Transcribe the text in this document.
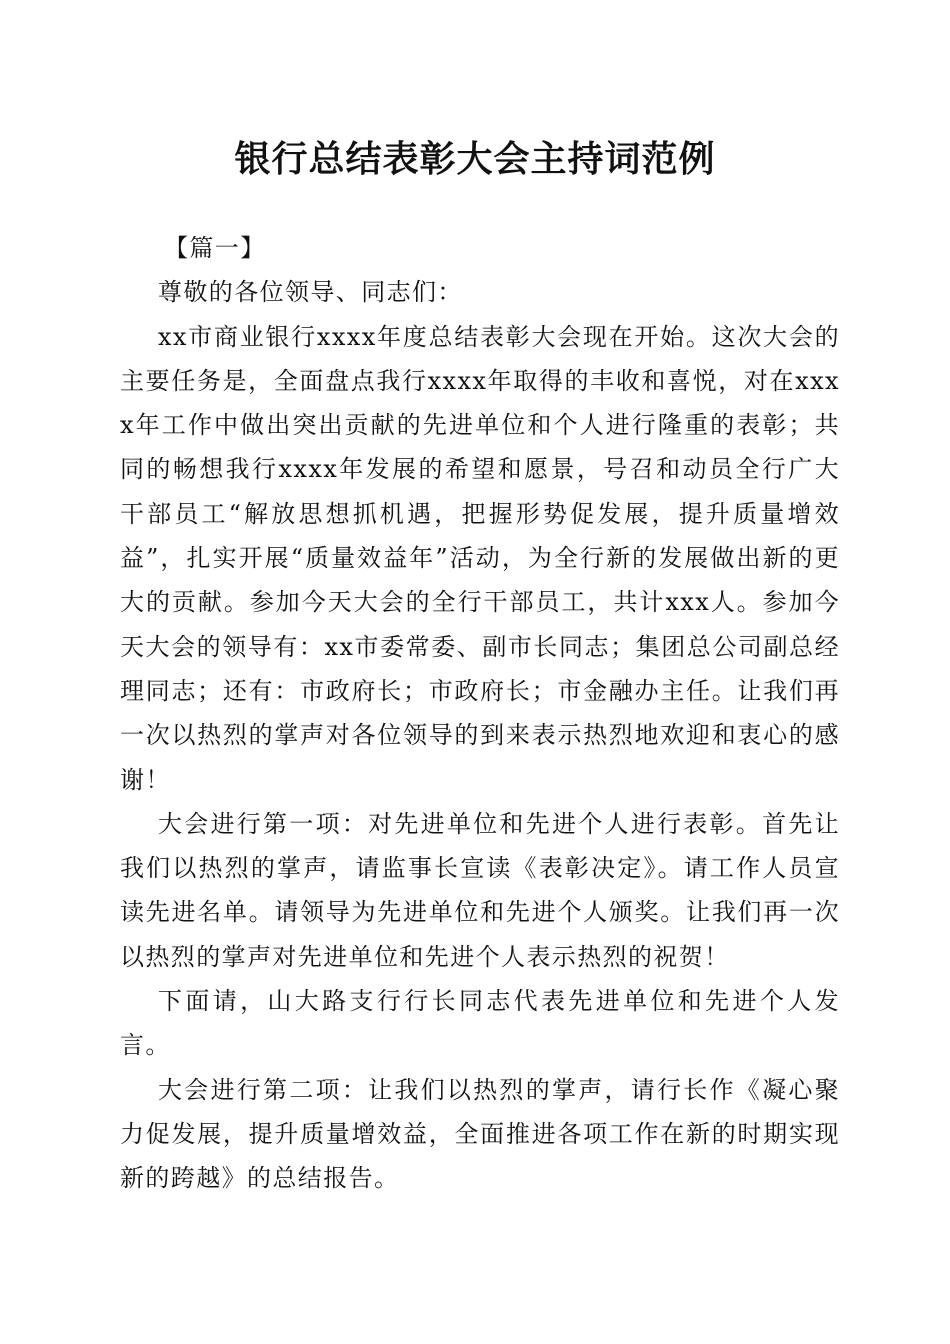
银行总结表彰大会主持词范例

【篇一】

尊敬的各位领导、同志们：

xx市商业银行xxxx年度总结表彰大会现在开始。这次大会的主要任务是，全面盘点我行xxxx年取得的丰收和喜悦，对在xxxx年工作中做出突出贡献的先进单位和个人进行隆重的表彰；共同的畅想我行xxxx年发展的希望和愿景，号召和动员全行广大干部员工“解放思想抓机遇，把握形势促发展，提升质量增效益”，扎实开展“质量效益年”活动，为全行新的发展做出新的更大的贡献。参加今天大会的全行干部员工，共计xxx人。参加今天大会的领导有：xx市委常委、副市长同志；集团总公司副总经理同志；还有：市政府长；市政府长；市金融办主任。让我们再一次以热烈的掌声对各位领导的到来表示热烈地欢迎和衷心的感谢！

大会进行第一项：对先进单位和先进个人进行表彰。首先让我们以热烈的掌声，请监事长宣读《表彰决定》。请工作人员宣读先进名单。请领导为先进单位和先进个人颁奖。让我们再一次以热烈的掌声对先进单位和先进个人表示热烈的祝贺！

下面请，山大路支行行长同志代表先进单位和先进个人发言。

大会进行第二项：让我们以热烈的掌声，请行长作《凝心聚力促发展，提升质量增效益，全面推进各项工作在新的时期实现新的跨越》的总结报告。
